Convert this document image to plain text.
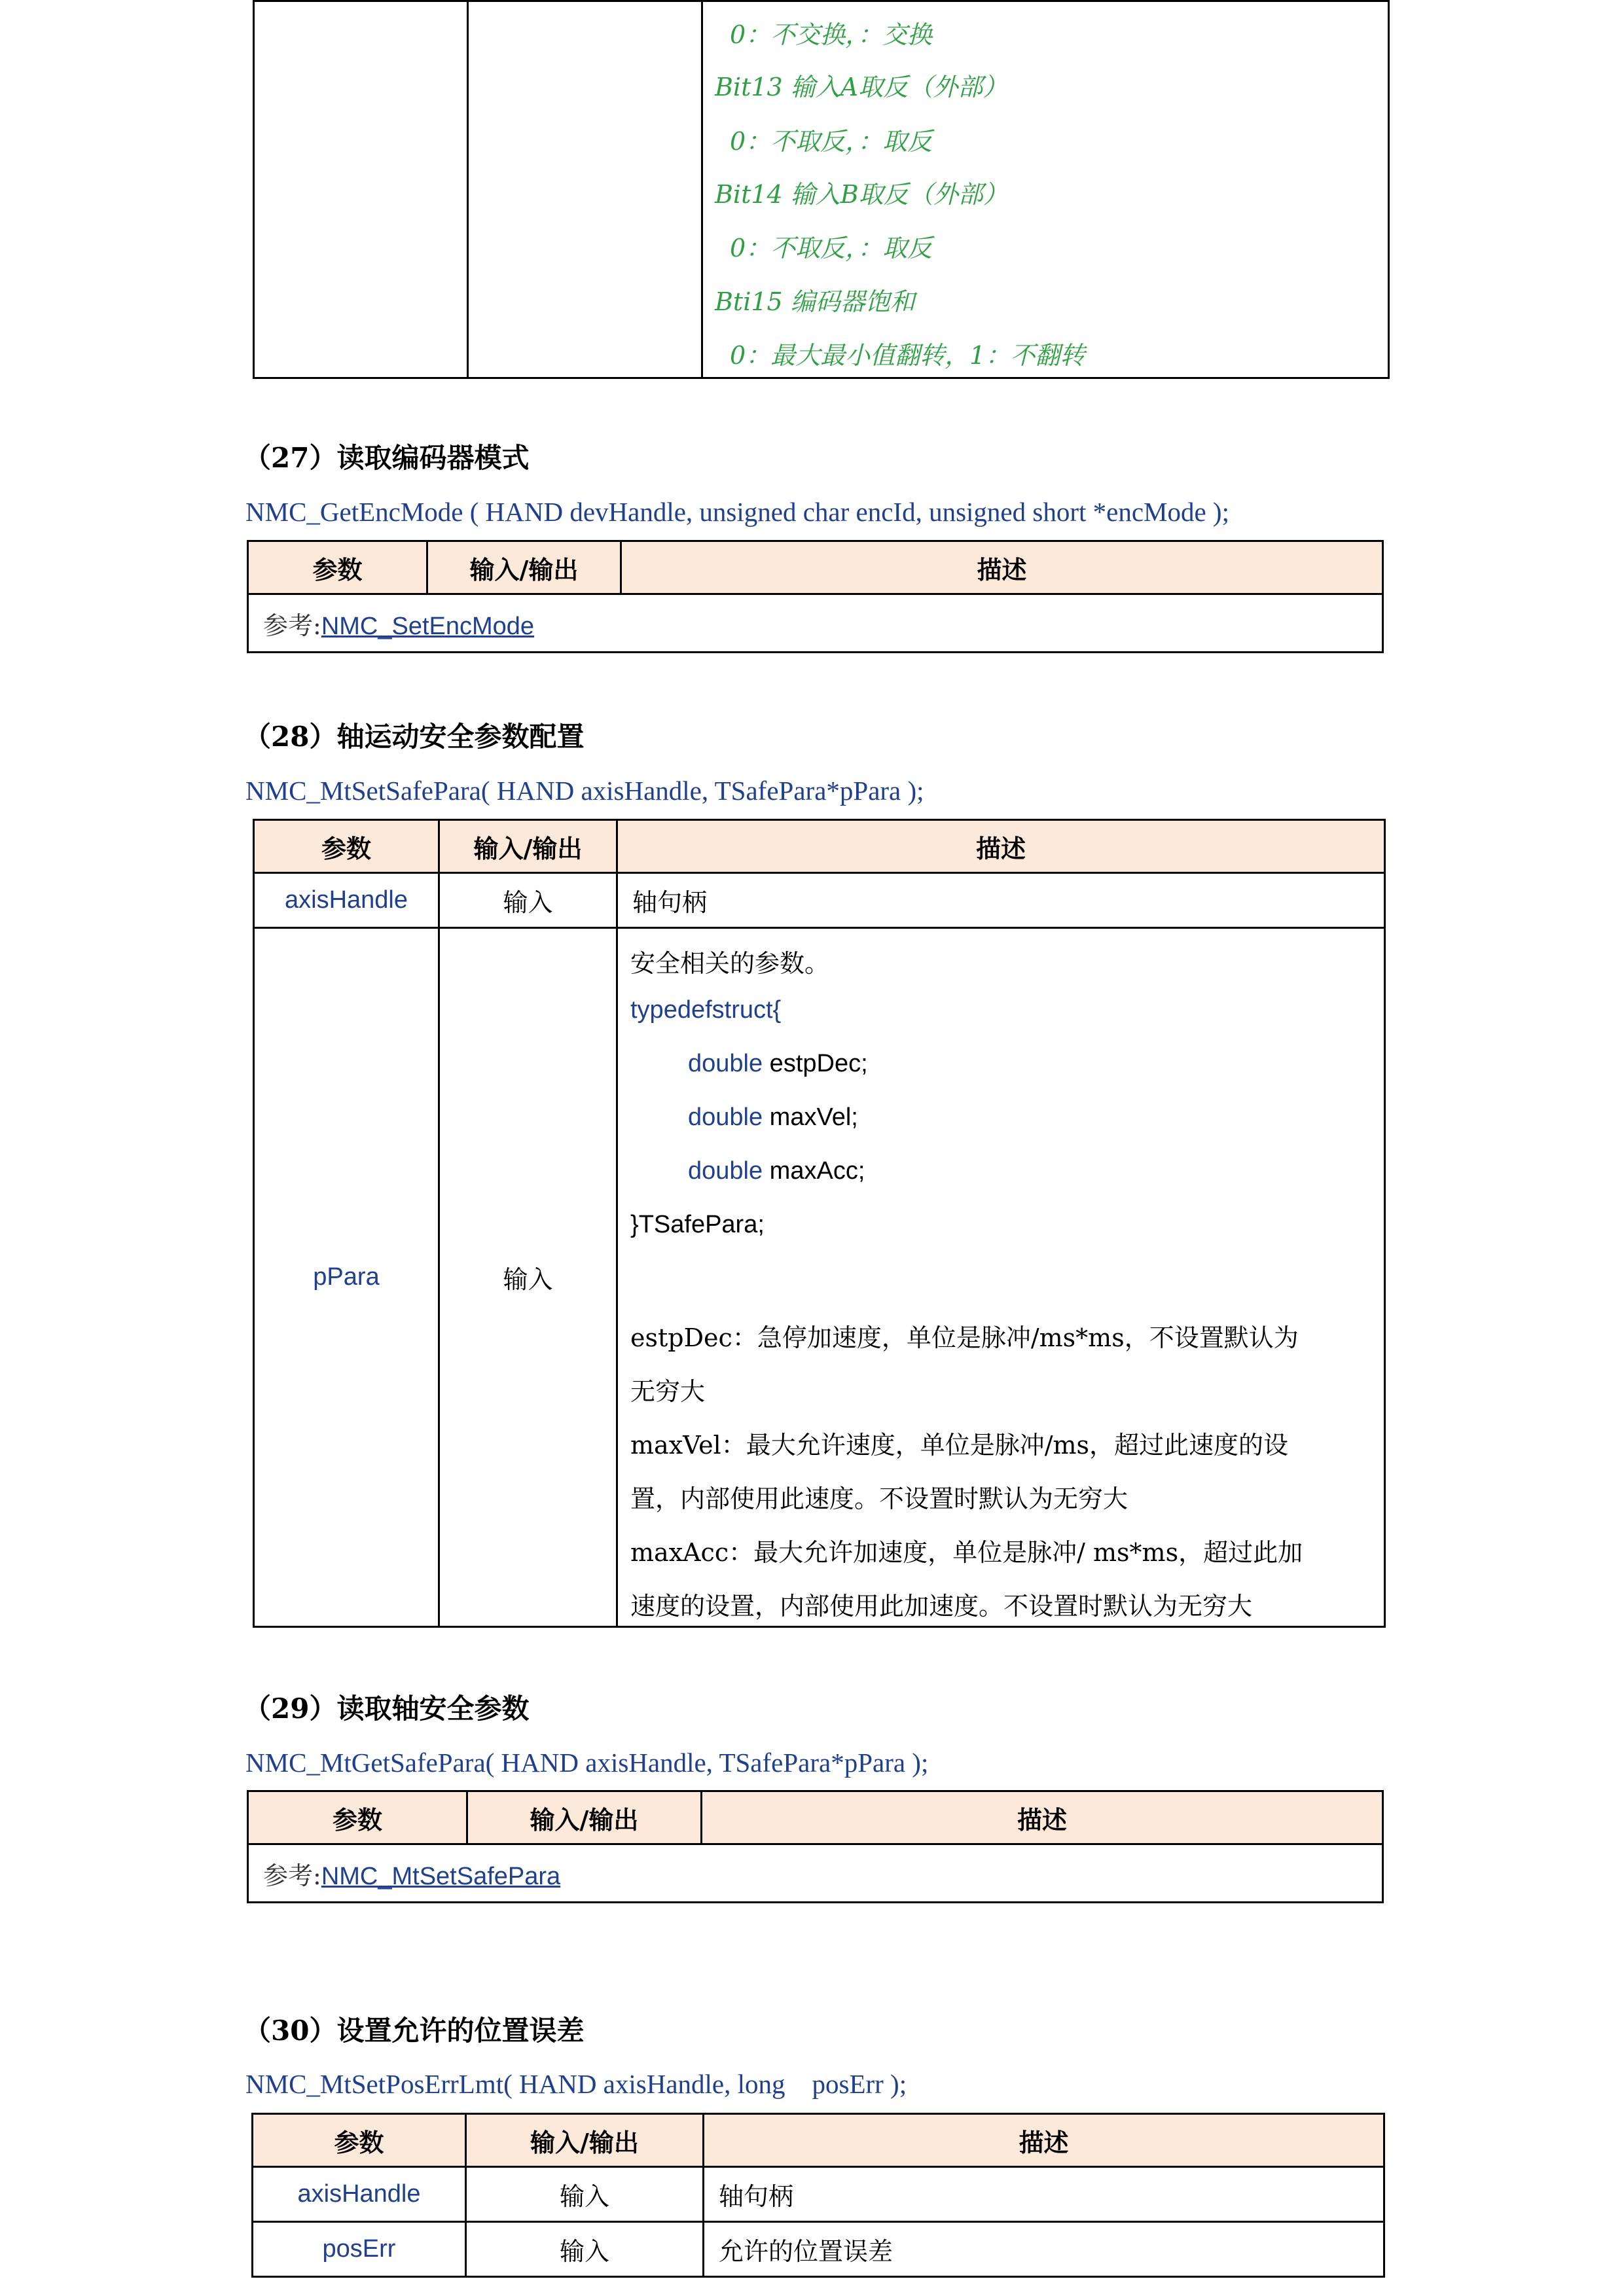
0：不交换，：交换
Bit13 输入A取反（外部）
0：不取反，：取反
Bit14 输入B取反（外部）
0：不取反，：取反
Bti15 编码器饱和
0：最大最小值翻转，1：不翻转
（27）读取编码器模式
NMC_GetEncMode ( HAND devHandle, unsigned char encId, unsigned short *encMode );
参数	输入/输出	描述
参考:NMC_SetEncMode
（28）轴运动安全参数配置
NMC_MtSetSafePara( HAND axisHandle, TSafePara*pPara );
参数	输入/输出	描述
axisHandle	输入	轴句柄
pPara	输入	
安全相关的参数。
typedefstruct{
double estpDec;
double maxVel;
double maxAcc;
}TSafePara;
estpDec：急停加速度，单位是脉冲/ms*ms，不设置默认为
无穷大
maxVel：最大允许速度，单位是脉冲/ms，超过此速度的设
置，内部使用此速度。不设置时默认为无穷大
maxAcc：最大允许加速度，单位是脉冲/ ms*ms，超过此加
速度的设置，内部使用此加速度。不设置时默认为无穷大
（29）读取轴安全参数
NMC_MtGetSafePara( HAND axisHandle, TSafePara*pPara );
参数	输入/输出	描述
参考:NMC_MtSetSafePara
（30）设置允许的位置误差
NMC_MtSetPosErrLmt( HAND axisHandle, long    posErr );
参数	输入/输出	描述
axisHandle	输入	轴句柄
posErr	输入	允许的位置误差
